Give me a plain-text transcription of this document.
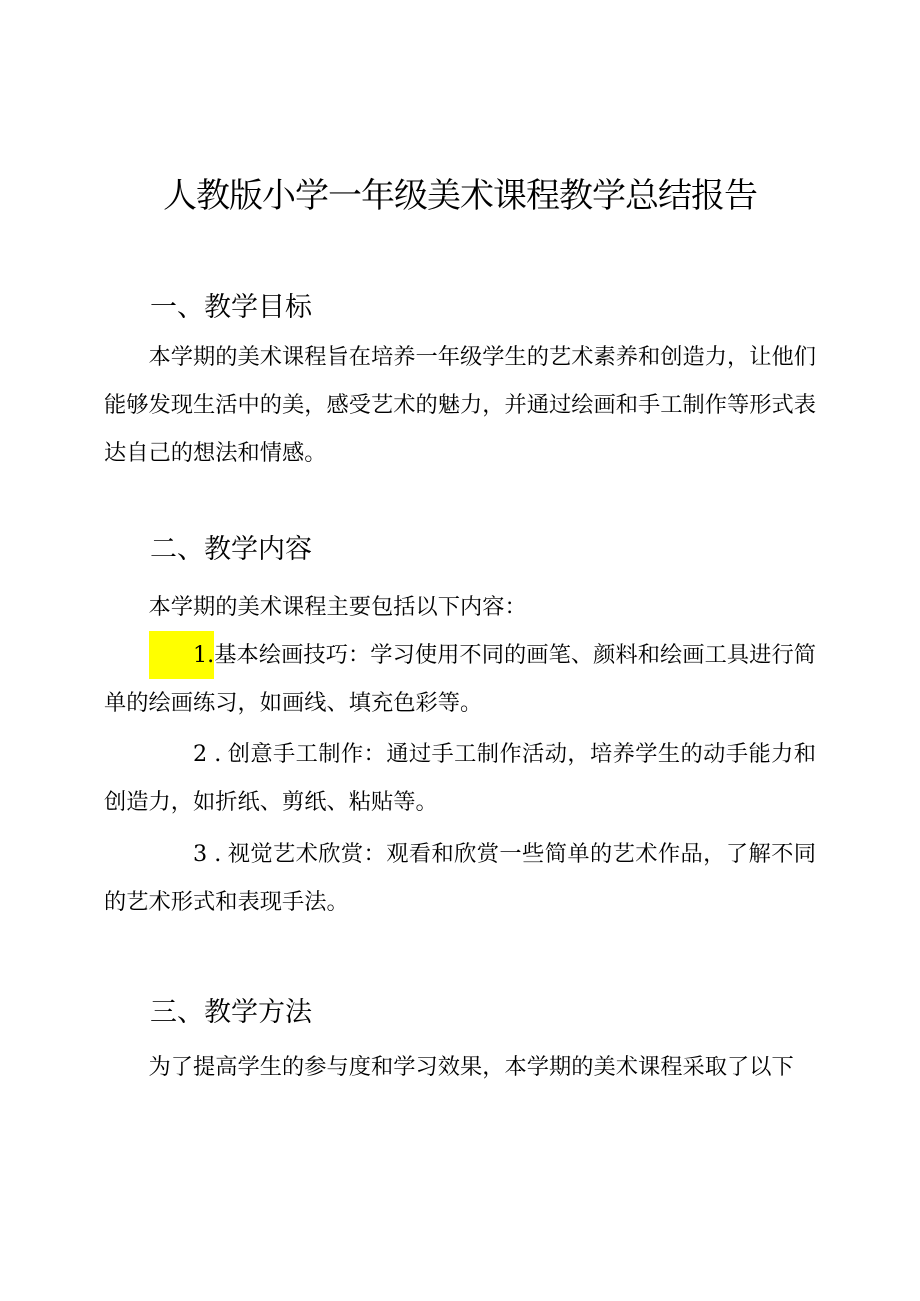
人教版小学一年级美术课程教学总结报告
一、教学目标

本学期的美术课程旨在培养一年级学生的艺术素养和创造力，让他们能够发现生活中的美，感受艺术的魅力，并通过绘画和手工制作等形式表达自己的想法和情感。

二、教学内容

本学期的美术课程主要包括以下内容：

1.基本绘画技巧：学习使用不同的画笔、颜料和绘画工具进行简单的绘画练习，如画线、填充色彩等。

2 . 创意手工制作：通过手工制作活动，培养学生的动手能力和创造力，如折纸、剪纸、粘贴等。

3 . 视觉艺术欣赏：观看和欣赏一些简单的艺术作品，了解不同的艺术形式和表现手法。

三、教学方法

为了提高学生的参与度和学习效果，本学期的美术课程采取了以下
